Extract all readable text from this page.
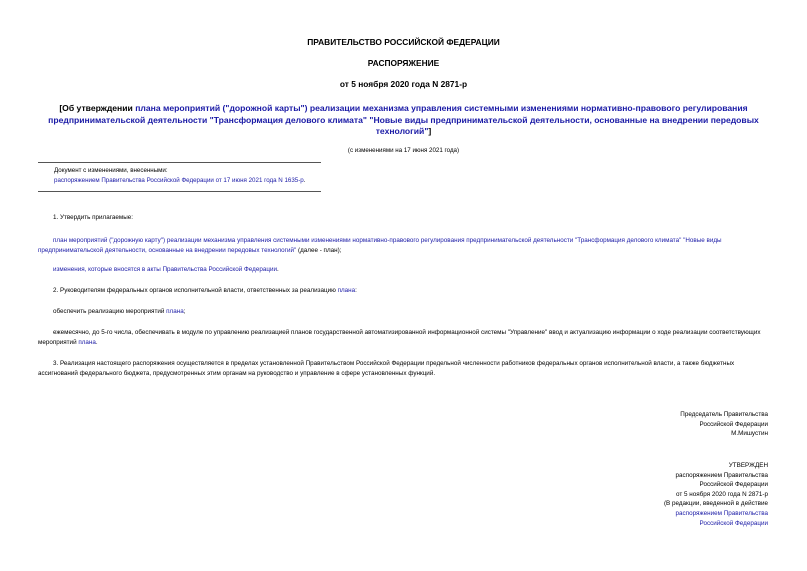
ПРАВИТЕЛЬСТВО РОССИЙСКОЙ ФЕДЕРАЦИИ
РАСПОРЯЖЕНИЕ
от 5 ноября 2020 года N 2871-р
[Об утверждении плана мероприятий ("дорожной карты") реализации механизма управления системными изменениями нормативно-правового регулирования предпринимательской деятельности "Трансформация делового климата" "Новые виды предпринимательской деятельности, основанные на внедрении передовых технологий"]
(с изменениями на 17 июня 2021 года)
Документ с изменениями, внесенными:
распоряжением Правительства Российской Федерации от 17 июня 2021 года N 1635-р.
1. Утвердить прилагаемые:
план мероприятий ("дорожную карту") реализации механизма управления системными изменениями нормативно-правового регулирования предпринимательской деятельности "Трансформация делового климата" "Новые виды предпринимательской деятельности, основанные на внедрении передовых технологий" (далее - план);
изменения, которые вносятся в акты Правительства Российской Федерации.
2. Руководителям федеральных органов исполнительной власти, ответственных за реализацию плана:
обеспечить реализацию мероприятий плана;
ежемесячно, до 5-го числа, обеспечивать в модуле по управлению реализацией планов государственной автоматизированной информационной системы "Управление" ввод и актуализацию информации о ходе реализации соответствующих мероприятий плана.
3. Реализация настоящего распоряжения осуществляется в пределах установленной Правительством Российской Федерации предельной численности работников федеральных органов исполнительной власти, а также бюджетных ассигнований федерального бюджета, предусмотренных этим органам на руководство и управление в сфере установленных функций.
Председатель Правительства
Российской Федерации
М.Мишустин
УТВЕРЖДЕН
распоряжением Правительства
Российской Федерации
от 5 ноября 2020 года N 2871-р
(В редакции, введенной в действие
распоряжением Правительства
Российской Федерации
